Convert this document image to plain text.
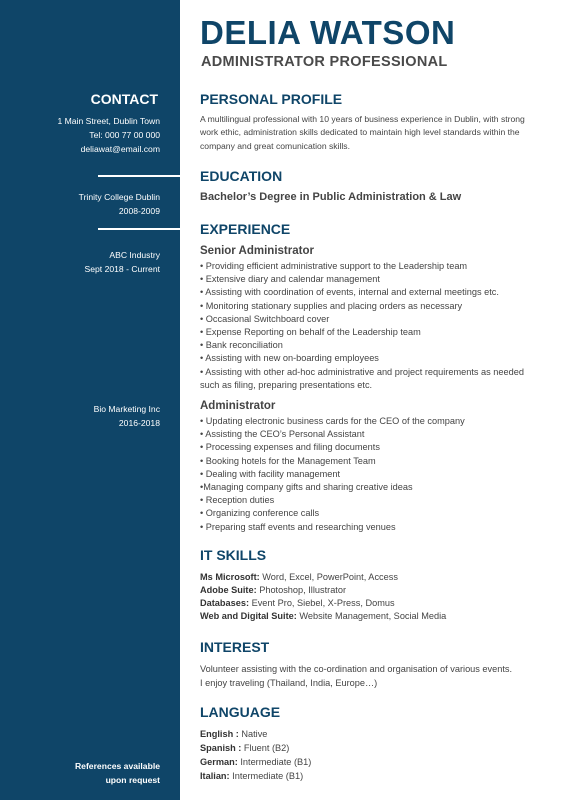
DELIA WATSON
ADMINISTRATOR PROFESSIONAL
CONTACT
1 Main Street, Dublin Town
Tel: 000 77 00 000
deliawat@email.com
Trinity College Dublin
2008-2009
ABC Industry
Sept 2018 - Current
Bio Marketing Inc
2016-2018
References available
upon request
PERSONAL PROFILE
A multilingual professional with 10 years of business experience in Dublin, with strong work ethic, administration skills dedicated to maintain high level standards within the company and great comunication skills.
EDUCATION
Bachelor’s Degree in Public Administration & Law
EXPERIENCE
Senior Administrator
• Providing efficient administrative support to the Leadership team
• Extensive diary and calendar management
• Assisting with coordination of events, internal and external meetings etc.
• Monitoring stationary supplies and placing orders as necessary
• Occasional Switchboard cover
• Expense Reporting on behalf of the Leadership team
• Bank reconciliation
• Assisting with new on-boarding employees
• Assisting with other ad-hoc administrative and project requirements as needed such as filing, preparing presentations etc.
Administrator
• Updating electronic business cards for the CEO of the company
• Assisting the CEO’s Personal Assistant
• Processing expenses and filing documents
• Booking hotels for the Management Team
• Dealing with facility management
•Managing company gifts and sharing creative ideas
• Reception duties
• Organizing conference calls
• Preparing staff events and researching venues
IT SKILLS
Ms Microsoft: Word, Excel, PowerPoint, Access
Adobe Suite: Photoshop, Illustrator
Databases: Event Pro, Siebel, X-Press, Domus
Web and Digital Suite: Website Management, Social Media
INTEREST
Volunteer assisting with the co-ordination and organisation of various events.
I enjoy traveling (Thailand, India, Europe…)
LANGUAGE
English : Native
Spanish : Fluent (B2)
German: Intermediate (B1)
Italian: Intermediate (B1)
